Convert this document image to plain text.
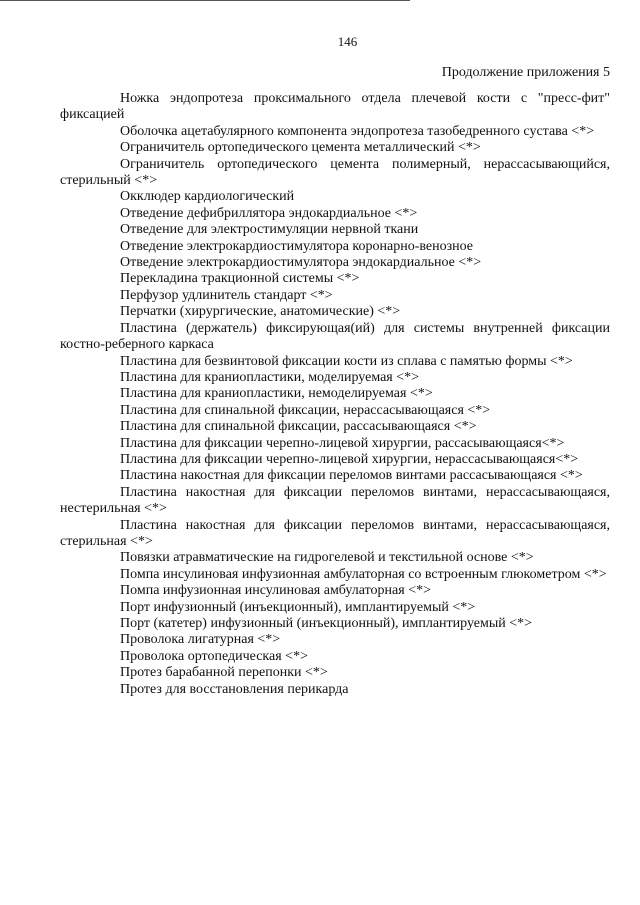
146
Продолжение приложения 5

Ножка эндопротеза проксимального отдела плечевой кости с "пресс-фит" фиксацией

Оболочка ацетабулярного компонента эндопротеза тазобедренного сустава <*>

Ограничитель ортопедического цемента металлический <*>

Ограничитель ортопедического цемента полимерный, нерассасывающийся, стерильный <*>

Окклюдер кардиологический

Отведение дефибриллятора эндокардиальное <*>

Отведение для электростимуляции нервной ткани

Отведение электрокардиостимулятора коронарно-венозное

Отведение электрокардиостимулятора эндокардиальное <*>

Перекладина тракционной системы <*>

Перфузор удлинитель стандарт <*>

Перчатки (хирургические, анатомические) <*>

Пластина (держатель) фиксирующая(ий) для системы внутренней фиксации костно-реберного каркаса

Пластина для безвинтовой фиксации кости из сплава с памятью формы <*>

Пластина для краниопластики, моделируемая <*>

Пластина для краниопластики, немоделируемая <*>

Пластина для спинальной фиксации, нерассасывающаяся <*>

Пластина для спинальной фиксации, рассасывающаяся <*>

Пластина для фиксации черепно-лицевой хирургии, рассасывающаяся<*>

Пластина для фиксации черепно-лицевой хирургии, нерассасывающаяся<*>

Пластина накостная для фиксации переломов винтами рассасывающаяся <*>

Пластина накостная для фиксации переломов винтами, нерассасывающаяся, нестерильная <*>

Пластина накостная для фиксации переломов винтами, нерассасывающаяся, стерильная <*>

Повязки атравматические на гидрогелевой и текстильной основе <*>

Помпа инсулиновая инфузионная амбулаторная со встроенным глюкометром <*>

Помпа инфузионная инсулиновая амбулаторная <*>

Порт инфузионный (инъекционный), имплантируемый <*>

Порт (катетер) инфузионный (инъекционный), имплантируемый <*>

Проволока лигатурная <*>

Проволока ортопедическая <*>

Протез барабанной перепонки <*>

Протез для восстановления перикарда
